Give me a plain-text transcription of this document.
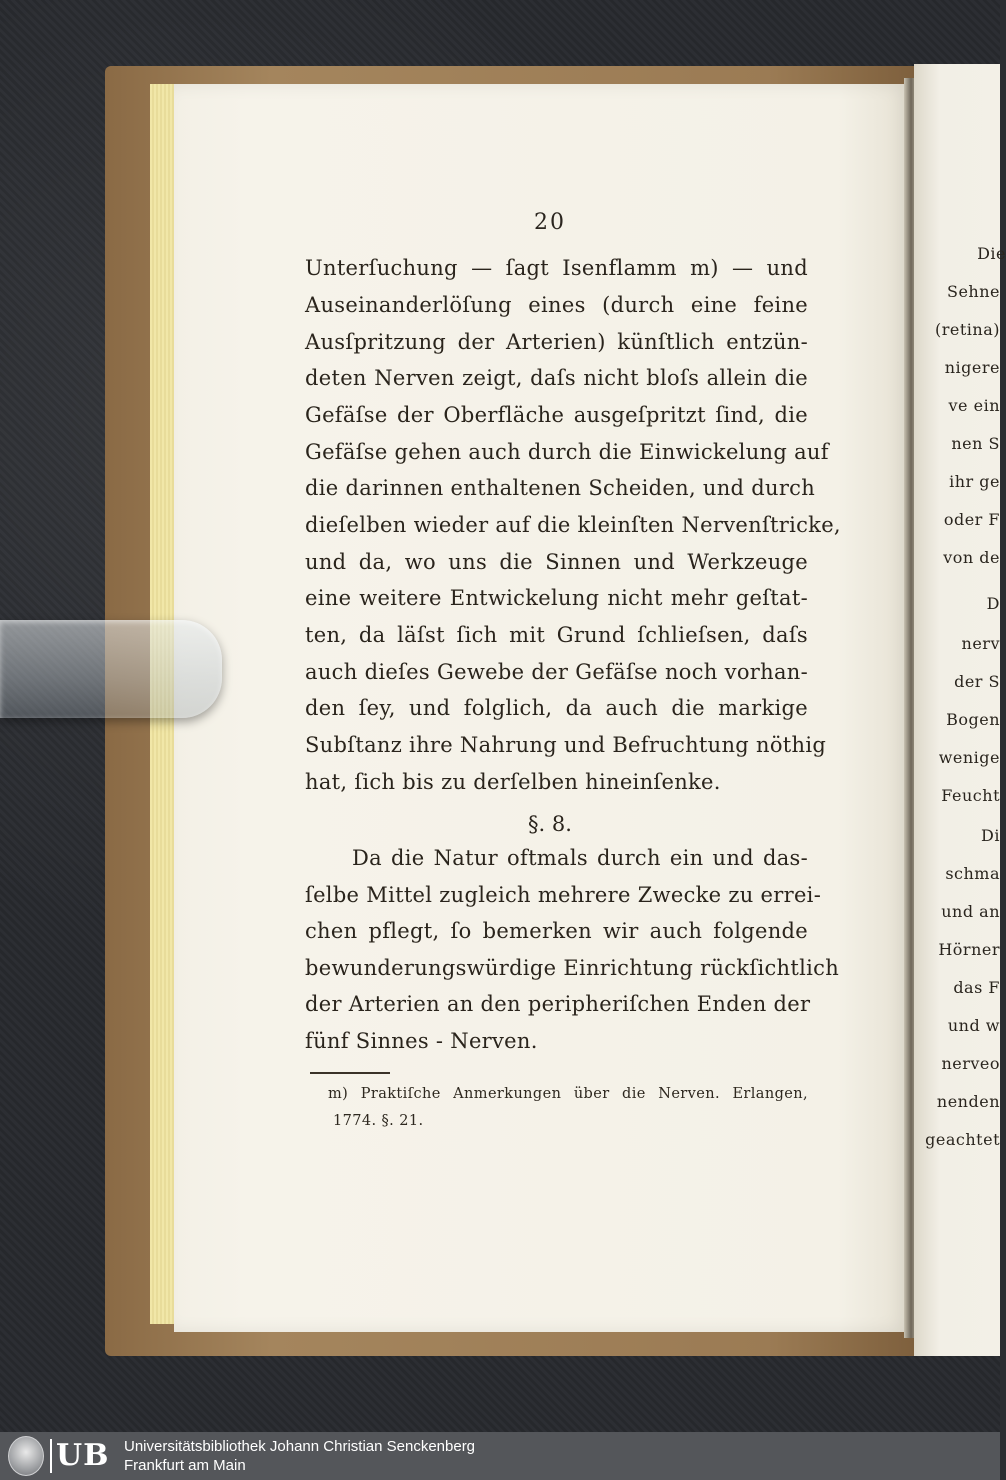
Die
Sehne
(retina)
nigere
ve ein
nen S
ihr ge
oder F
von de
D
nerv
der S
Bogen
wenige
Feucht
Di
schma
und an
Hörner
das F
und w
nerveo
nenden
geachtet
20
Unterſuchung — ſagt Isenflamm m) — und
Auseinanderlöſung eines (durch eine feine
Ausſpritzung der Arterien) künſtlich entzün-
deten Nerven zeigt, daſs nicht bloſs allein die
Gefäſse der Oberfläche ausgeſpritzt ſind, die
Gefäſse gehen auch durch die Einwickelung auf
die darinnen enthaltenen Scheiden, und durch
dieſelben wieder auf die kleinſten Nervenſtricke,
und da, wo uns die Sinnen und Werkzeuge
eine weitere Entwickelung nicht mehr geſtat-
ten, da läſst ſich mit Grund ſchlieſsen, daſs
auch dieſes Gewebe der Gefäſse noch vorhan-
den ſey, und folglich, da auch die markige
Subſtanz ihre Nahrung und Befruchtung nöthig
hat, ſich bis zu derſelben hineinſenke.
§. 8.
Da die Natur oftmals durch ein und das-
ſelbe Mittel zugleich mehrere Zwecke zu errei-
chen pflegt, ſo bemerken wir auch folgende
bewunderungswürdige Einrichtung rückſichtlich
der Arterien an den peripheriſchen Enden der
fünf Sinnes - Nerven.
m) Praktiſche Anmerkungen über die Nerven. Erlangen,
1774. §. 21.
UB Universitätsbibliothek Johann Christian Senckenberg
Frankfurt am Main
